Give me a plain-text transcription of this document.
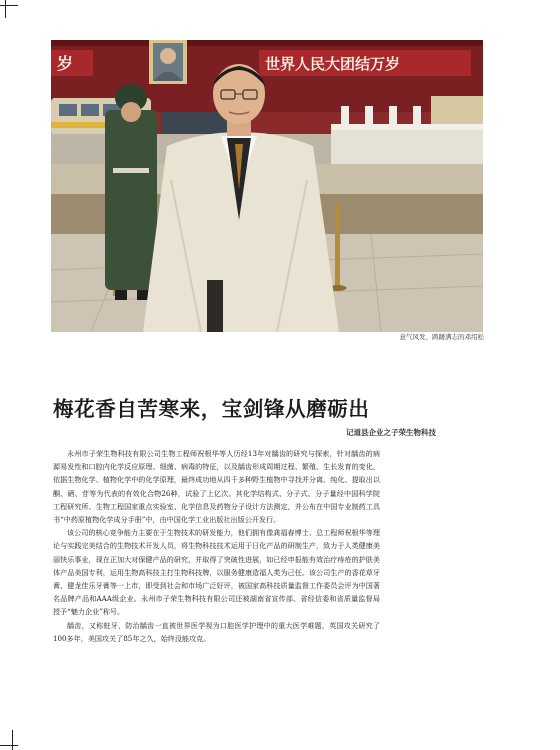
岁	世界人民大团结万岁
意气风发、踌躇满志的邓绍松
梅花香自苦寒来，宝剑锋从磨砺出
记道县企业之子荣生物科技

永州市子荣生物科技有限公司生物工程师祝根华等人历经13年对龋齿的研究与探索，针对龋齿的病源易发性和口腔内化学反应原理、细菌、病毒的特征，以及龋齿形成周期过程、繁殖、生长发育的变化，依据生物化学、植物化学中的化学原理，最终成功地从四千多种野生植物中寻找并分离、纯化、提取出以酮、硒、苷等为代表的有效化合物26种，试验了上亿次。其化学结构式、分子式、分子量经中国科学院工程研究所、生物工程国家重点实验室、化学信息及药物分子设计方法测定，并公布在中国专业制药工具书“中药原植物化学成分手册”中，由中国化学工业出版社出版公开发行。

该公司的核心竞争能力主要在于生物技术的研发能力，他们拥有像龚福春博士、总工程师祝根华等理论与实践完美结合的生物技术开发人员，将生物科技技术运用于日化产品的研制生产，致力于人类健康美丽快乐事业，现在正加大对保健产品的研究，并取得了突破性进展，如已经申报能有效治疗痔疮的护肤美体产品美国专利，运用生物高科技主打生物科技牌，以服务健康造福人类为己任。该公司生产的香花草牙膏、健龙佳乐牙膏等一上市，即受到社会和市场广泛好评，被国家高科技质量监督工作委员会评为中国著名品牌产品和AAA级企业。永州市子荣生物科技有限公司还被湖南省宣传部、省经信委和省质量监督局授予“魅力企业”称号。

龋齿，又称蛀牙，防治龋齿一直被世界医学视为口腔医学护理中的重大医学难题，英国攻关研究了100多年，美国攻关了85年之久，始终没能攻克。
